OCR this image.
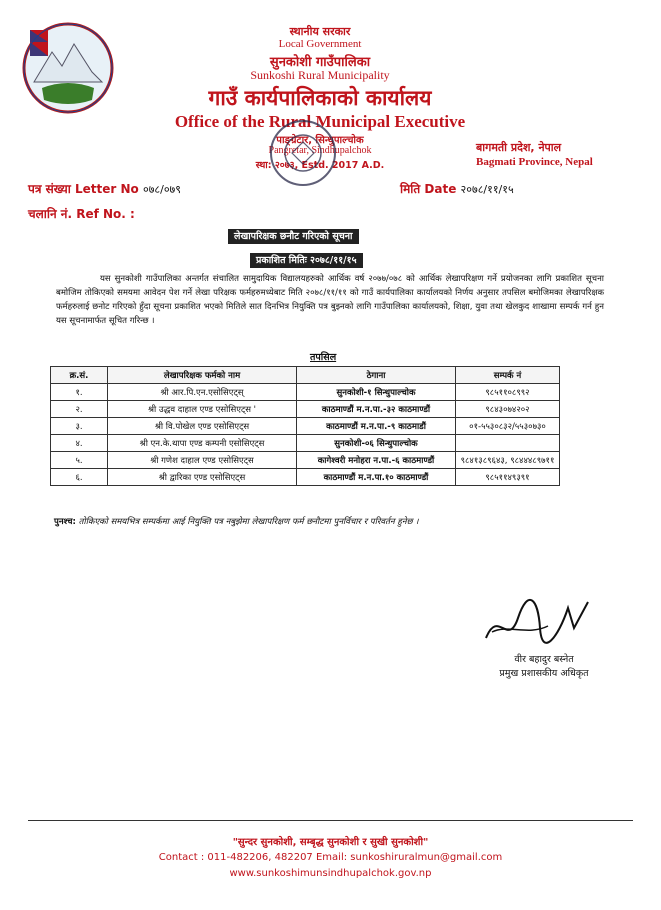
स्थानीय सरकार
Local Government
सुनकोशी गाउँपालिका
Sunkoshi Rural Municipality
गाउँ कार्यपालिकाको कार्यालय
Office of the Rural Municipal Executive
पाङ्ग्रेटार, सिन्धुपाल्चोक
Pangretar, Sindhupalchok
स्था: २०७३, Estd. 2017 A.D.
बागमती प्रदेश, नेपाल
Bagmati Province, Nepal
पत्र संख्या Letter No ०७८/०७९
चलानि नं. Ref No. :
मिति Date २०७८/११/१५
लेखापरिक्षक छनौट गरिएको सूचना
प्रकाशित मितिः २०७८/११/१५
यस सुनकोशी गाउँपालिका अन्तर्गत संचालित सामुदायिक विद्यालयहरुको आर्थिक वर्ष २०७७/०७८ को आर्थिक लेखापरिक्षण गर्ने प्रयोजनका लागि प्रकाशित सूचना बमोजिम तोकिएको समयमा आवेदन पेश गर्ने लेखा परिक्षक फर्महरुमध्येबाट मिति २०७८/११/११ को गाउँ कार्यपालिका कार्यालयको निर्णय अनुसार तपसिल बमोजिमका लेखापरिक्षक फर्महरुलाई छनोट गरिएको हुँदा सूचना प्रकाशित भएको मितिले सात दिनभित्र नियुक्ति पत्र बुझ्नको लागि गाउँपालिका कार्यालयको, शिक्षा, युवा तथा खेलकुद शाखामा सम्पर्क गर्न हुन यस सूचनामार्फत सूचित गरिन्छ ।
तपसिल
क्र.सं.	लेखापरिक्षक फर्मको नाम	ठेगाना	सम्पर्क नं
१.	श्री आर.पि.एन.एसोसिएट्स्	सुनकोशी-१ सिन्धुपाल्चोक	९८५११०८९९२
२.	श्री उद्धव दाहाल एण्ड एसोसिएट्स '	काठमाण्डौं म.न.पा.-३२ काठमाण्डौं	९८४३०७४२०२
३.	श्री वि.पोखेल एण्ड एसोसिएट्स	काठमाण्डौं म.न.पा.-९ काठमाडौं	०१-५५३०८३२/५५३०७३०
४.	श्री एन.के.थापा एण्ड कम्पनी एसोसिएट्स	सुनकोशी-०६ सिन्धुपाल्चोक	
५.	श्री गणेश दाहाल एण्ड एसोसिएट्स	कागेश्वरी मनोहरा न.पा.-६ काठमाण्डौं	९८४१३८९६४३, ९८४४४८९७११
६.	श्री द्वारिका एण्ड एसोसिएट्स	काठमाण्डौं म.न.पा.१० काठमाण्डौं	९८५११४९३९१
पुनश्च: तोकिएको समयभित्र सम्पर्कमा आई नियुक्ति पत्र नबुझेमा लेखापरिक्षण फर्म छनौटमा पुनर्विचार र परिवर्तन हुनेछ ।
वीर बहादुर बस्नेत
प्रमुख प्रशासकीय अधिकृत
"सुन्दर सुनकोशी, सम्बृद्ध सुनकोशी र सुखी सुनकोशी"
Contact : 011-482206, 482207 Email: sunkoshiruralmun@gmail.com
www.sunkoshimunsindhupalchok.gov.np
